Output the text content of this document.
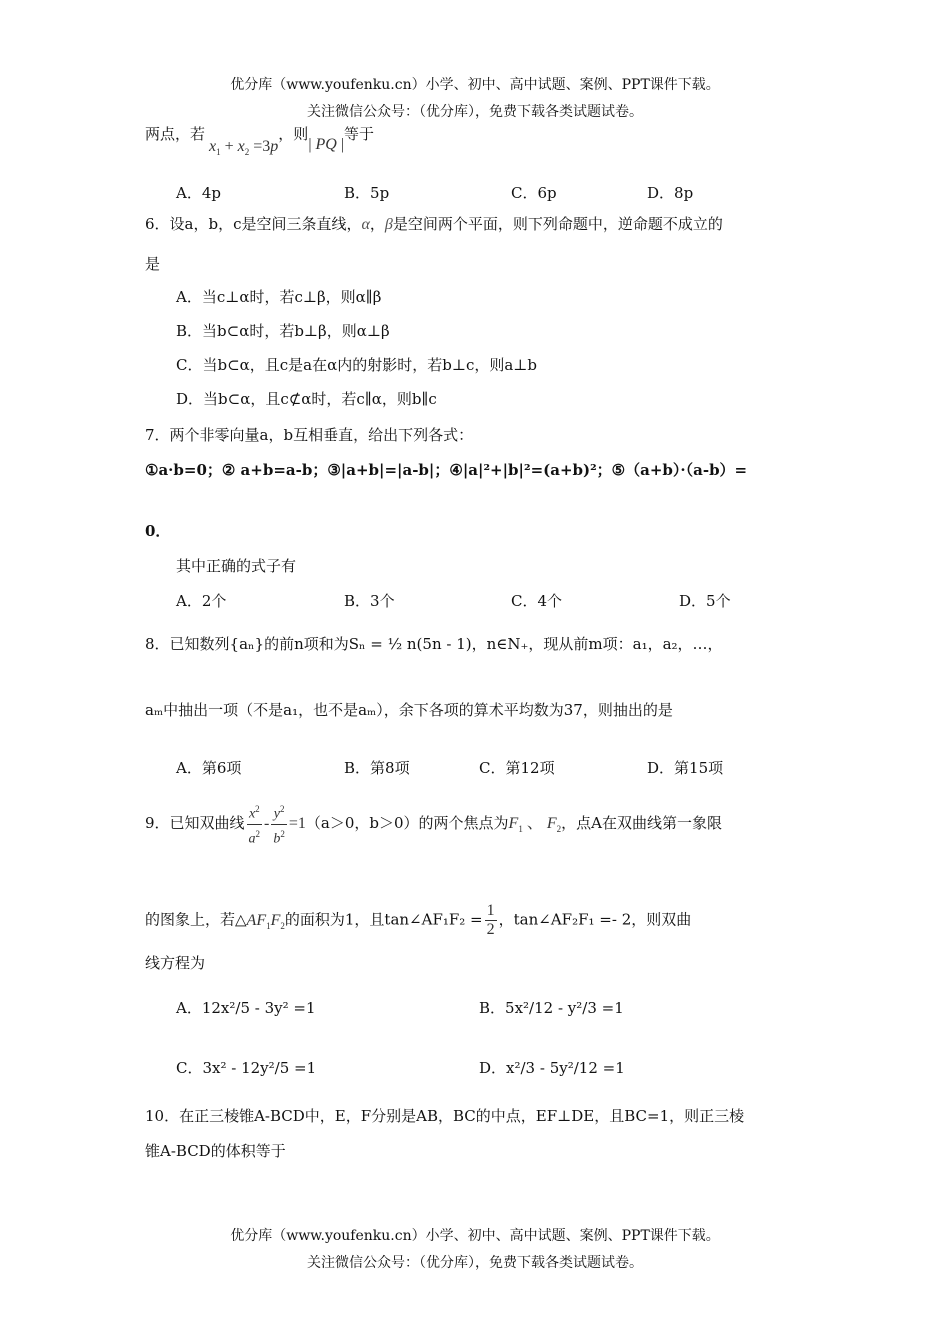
优分库（www.youfenku.cn）小学、初中、高中试题、案例、PPT课件下载。
关注微信公众号：（优分库），免费下载各类试题试卷。
两点，若 $x_1 + x_2 =3p$，则| PQ |等于
A．4p	B．5p	C．6p	D．8p
6．设a，b，c是空间三条直线，α，β是空间两个平面，则下列命题中，逆命题不成立的
是
A．当c⊥α时，若c⊥β，则α∥β
B．当b⊂α时，若b⊥β，则α⊥β
C．当b⊂α，且c是a在α内的射影时，若b⊥c，则a⊥b
D．当b⊂α，且c⊄α时，若c∥α，则b∥c
7．两个非零向量a，b互相垂直，给出下列各式：
①a·b=0；② a+b=a-b；③|a+b|=|a-b|；④|a|²+|b|²=(a+b)²；⑤（a+b）·（a-b）=
0．
其中正确的式子有
A．2个	B．3个	C．4个	D．5个
8．已知数列{aₙ}的前n项和为Sₙ = ½ n(5n - 1)，n∈N₊，现从前m项：a₁，a₂，…，
aₘ中抽出一项（不是a₁，也不是aₘ），余下各项的算术平均数为37，则抽出的是
A．第6项	B．第8项	C．第12项	D．第15项
9．已知双曲线 $\frac{x^2}{a^2} - \frac{y^2}{b^2} =1(a>0$，b＞0）的两个焦点为$F_1$ 、 $F_2$，点A在双曲线第一象限
的图象上，若$\triangle AF_1F_2$的面积为1，且tan∠AF₁F₂ = $\frac{1}{2}$ ，tan∠AF₂F₁ =- 2，则双曲
线方程为
A．12x²/5 - 3y² =1	B．5x²/12 - y²/3 =1
C．3x² - 12y²/5 =1	D．x²/3 - 5y²/12 =1
10．在正三棱锥A-BCD中，E，F分别是AB，BC的中点，EF⊥DE，且BC=1，则正三棱
锥A-BCD的体积等于
优分库（www.youfenku.cn）小学、初中、高中试题、案例、PPT课件下载。
关注微信公众号：（优分库），免费下载各类试题试卷。
